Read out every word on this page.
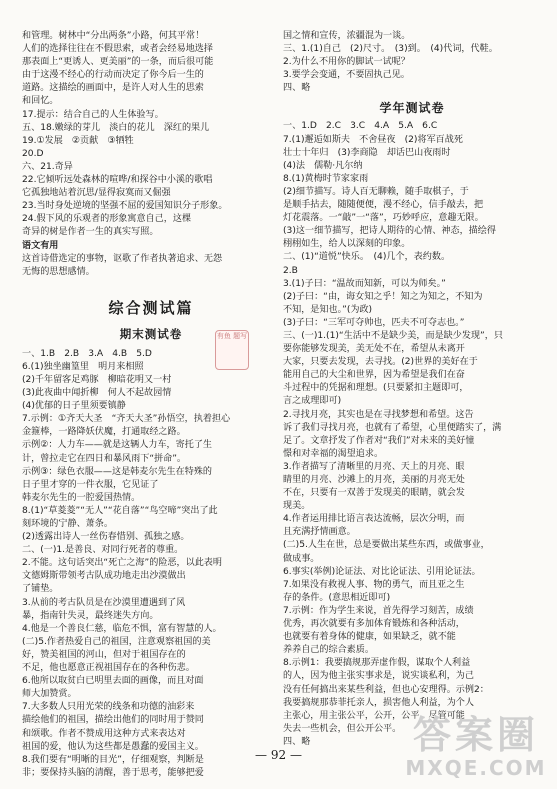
和管理。树林中“分出两条”小路，何其平常！
人们的选择往往在不假思索，或者会经易地选择
那表面上“更诱人、更美丽”的一条，而后很可能
由于这漫不经心的行动而决定了你今后一生的
道路。这描绘的画面中，是许人对人生的思索
和回忆。
17.提示：结合自己的人生体验写。
五、18.嫩绿的芽儿　淡白的花儿　深红的果儿
19.①发展　②贡献　③牺牲
20.D
六、21.奇异
22.它倾听远处森林的喧哗/和探谷中小溪的歌唱
它孤独地站着沉思/显得寂寞而又倔强
23.当时身处逆境的坚强不屈的爱国知识分子形象。
24.假下风的乐观者的形象寓意自己，这棵
奇异的树是作者一生的真实写照。
语文有用
这首诗借选定的事物，讴歌了作者执著追求、无怨
无悔的思想感情。
综合测试篇
期末测试卷
一、1.B　2.B　3.A　4.B　5.D
6.(1)独坐幽篁里　明月来相照
(2)千年留客足鸡豚　柳暗花明又一村
(3)此夜曲中闻折柳　何人不起故园情
(4)优郁的日子里须要镇静
7.示例：①齐天大圣　“齐天大圣”孙悟空，执着担心
金箍棒，一路降妖伏魔，打通取经之路。
示例②：人力车——就是这辆人力车，寄托了生
计，曾拉走它在四日和暴风雨下“拼命”。
示例③：绿色衣服——这是韩麦尔先生在特殊的
日子里才穿的一件衣服，它见证了
韩麦尔先生的一腔爱国热情。
8.(1)“草菱菱”“无人”“花自落”“鸟空啼”突出了此
刻环境的宁静、萧条。
(2)透露出诗人一丝伤春惜别、孤独之感。
二、(一)1.是善良、对同行死者的尊重。
2.不能。这句话突出“死亡之海”的险恶，以此表明
文德姆斯带领考古队成功地走出沙漠做出
了铺垫。
3.从前的考古队员是在沙漠里遭遇到了风
暴，指南针失灵，最终迷失方向。
4.他是一个善良仁慈，临危不惧，富有智慧的人。
(二)5.作者热爱自己的祖国，注意观察祖国的美
好，赞美祖国的河山，但对于祖国存在的
不足，他也愿意正视祖国存在的各种伤悲。
6.他所以取贫白已明里去面的画像，而且对面
师大加赞赏。
7.大多数人只用光荣的线条和功德的油彩来
描绘他们的祖国，描绘出他们的同时用于赞同
和颂歌。作者不赞成用这种方式来表达对
祖国的爱，他认为这些都是愚蠢的爱国主义。
8.我们要有“明晰的目光”，仔细观察，判断是
非；要保持头脑的清醒，善于思考，能够把爱
有鱼 题写
国之情和宣传，浓疆混为一谈。
三、1.(1)自己　(2)尺寸。　(3)到。　(4)代词，代鞋。
2.为什么不用你的脚试一试呢？
3.要学会变通，不要固执己见。
四、略
学年测试卷
一、1.D　2.C　3.C　4.A　5.A　6.C
7.(1)邂逅如斯夫　不舍昼夜　(2)将军百战死
壮士十年归　(3)李商隐　却话巴山夜雨时
(4)法　儒勒·凡尔纳
8.(1)黄梅时节家家雨
(2)细节描写。诗人百无聊赖，随手取棋子，于
是顺手拈去，随随便便，漫不经心，信手敲去，把
灯花震落。一“敲”一“落”，巧妙呼应，意趣无限。
(3)这一细节描写，把诗人期待的心情、神态，描绘得
栩栩如生，给人以深刻的印象。
二、(1)“道悦”快乐。　(4)几个，表约数。
2.B
3.(1)子曰：“温故而知新，可以为师矣。”
(2)子曰：“由，诲女知之乎！知之为知之，不知为
不知，是知也。”(为政)
(3)子曰：“三军可夺帅也，匹夫不可夺志也。”
三、(一)1.(1)“生活中不是缺少美，而是缺少发现”，只
要你能够发现美，美无处不在，希望从未离开
大家，只要去发现，去寻找。(2)世界的美好在于
能用自己的大尘和世界，因为希望是我们在奋
斗过程中的凭据和理想。(只要紧扣主题即可，
言之成理即可)
2.寻找月亮，其实也是在寻找梦想和希望。这告
诉了我们寻找月亮，也就有了希望，心里便踏实了，满
足了。文章抒发了作者对“我们”对未来的美好憧
憬和对幸福的渴望追求。
3.作者描写了清晰里的月亮、天上的月亮、眼
睛里的月亮、沙滩上的月亮，美丽的月亮无处
不在，只要有一双善于发现美的眼睛，就会发
现美。
4.作者运用排比语言表达流畅，层次分明，而
且充满抒情画意。
(二)5.人生在世，总是要做出某些东西，或做事业，
做成事。
6.事实(举例)论证法、对比论证法、引用论证法。
7.如果没有救视人事、物的勇气，而且亚之生
存的条件。(意思相近即可)
7.示例：作为学生来说，首先得学习刻苦，成绩
优秀，再次就要有多加体育锻炼和各种活动，
也就要有着身体的健康，如果缺乏，就不能
养养自己的综合素质。
8.示例1：我要搞规那弄虚作假，谋取个人利益
的人，因为他主张实事求是，说实谈私利，为己
没有任何搞出来某些利益，但也心安理得。示例2：
我要搞规那恭菲托亲人，损害他人利益，为个人
主张心，用主张公平，公开，公平，尽管可能
失去一些机会，但公开公平。
四、略
— 92 —	答案圈
MXQE.COM
